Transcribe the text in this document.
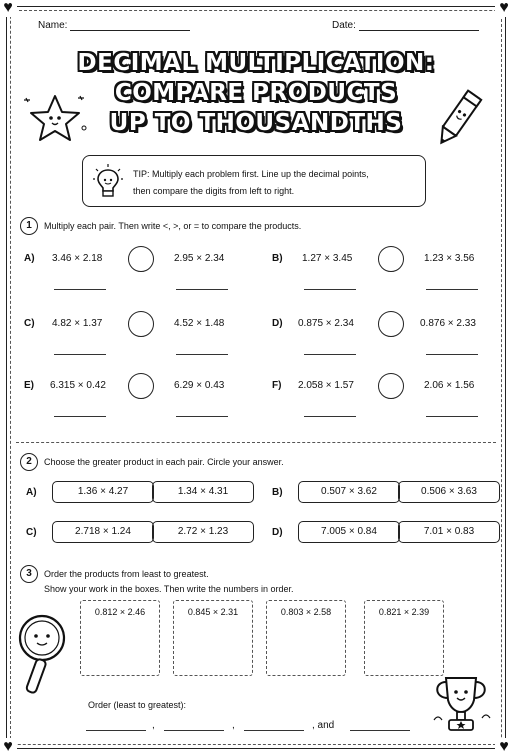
♥	♥
♥	♥
Name:	Date:
DECIMAL MULTIPLICATION:
COMPARE PRODUCTS
UP TO THOUSANDTHS
TIP: Multiply each problem first. Line up the decimal points,
then compare the digits from left to right.
1	Multiply each pair. Then write <, >, or = to compare the products.
A) 3.46 × 2.18	2.95 × 2.34	B) 1.27 × 3.45	1.23 × 3.56
C) 4.82 × 1.37	4.52 × 1.48	D) 0.875 × 2.34	0.876 × 2.33
E) 6.315 × 0.42	6.29 × 0.43	F) 2.058 × 1.57	2.06 × 1.56
2	Choose the greater product in each pair. Circle your answer.
A)	1.36 × 4.27	1.34 × 4.31	B)	0.507 × 3.62	0.506 × 3.63
C)	2.718 × 1.24	2.72 × 1.23	D)	7.005 × 0.84	7.01 × 0.83
3	Order the products from least to greatest.
Show your work in the boxes. Then write the numbers in order.
0.812 × 2.46	0.845 × 2.31	0.803 × 2.58	0.821 × 2.39
Order (least to greatest):
,	,	, and
